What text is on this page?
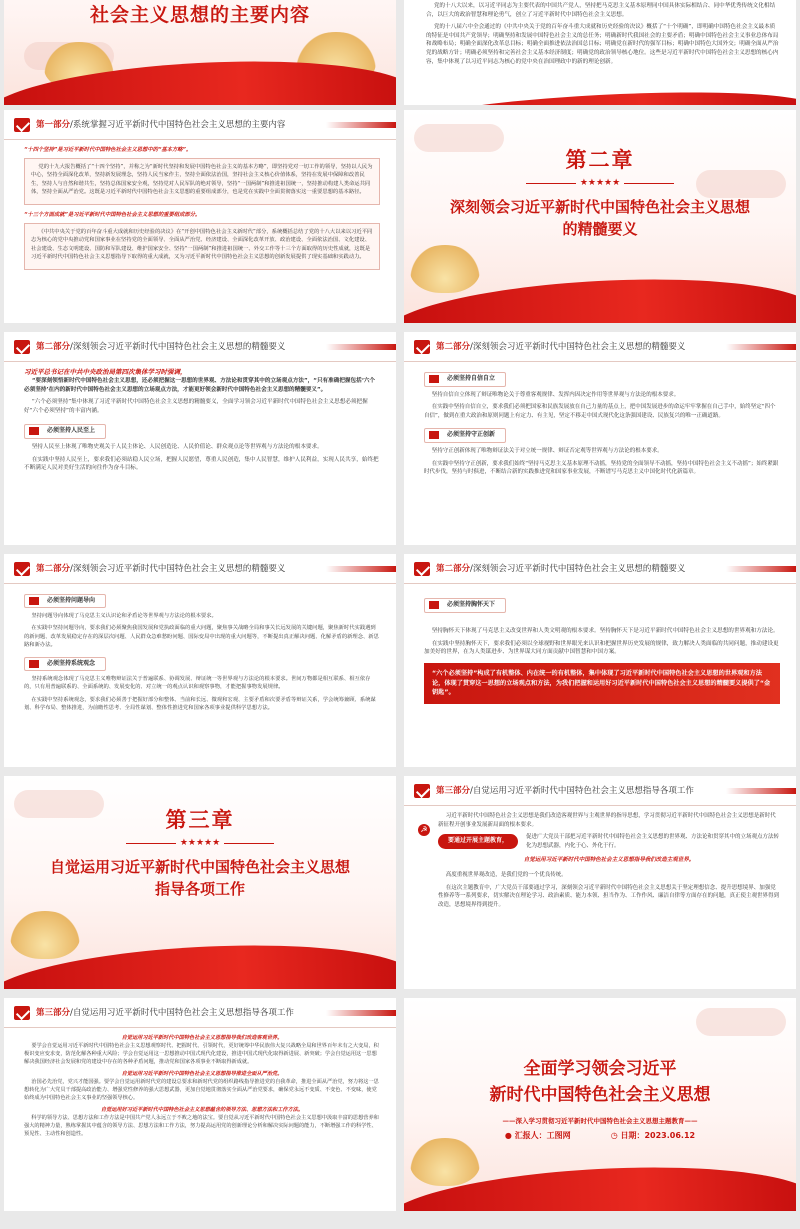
社会主义思想的主要内容	党的十八大以来，以习近平同志为主要代表的中国共产党人，坚持把马克思主义基本原理同中国具体实际相结合、同中华优秀传统文化相结合，以巨大的政治智慧和理论勇气，创立了习近平新时代中国特色社会主义思想。

党的十八届六中全会通过的《中共中央关于党的百年奋斗重大成就和历史经验的决议》概括了“十个明确”，即明确中国特色社会主义最本质的特征是中国共产党领导；明确坚持和发展中国特色社会主义的总任务；明确新时代我国社会的主要矛盾；明确中国特色社会主义事业总体布局和战略布局；明确全面深化改革总目标；明确全面推进依法治国总目标；明确党在新时代的强军目标；明确中国特色大国外交；明确全面从严治党的战略方针；明确必须坚持和完善社会主义基本经济制度；明确党的政治领导核心地位。这些是习近平新时代中国特色社会主义思想的核心内容，集中体现了以习近平同志为核心的党中央在治国理政中的新的理论创新。

第一部分/系统掌握习近平新时代中国特色社会主义思想的主要内容
“十四个坚持”是习近平新时代中国特色社会主义思想中的“基本方略”。

党的十九大报告概括了“十四个坚持”，并称之为“新时代坚持和发展中国特色社会主义的基本方略”，即坚持党对一切工作的领导，坚持以人民为中心，坚持全面深化改革，坚持新发展理念，坚持人民当家作主，坚持全面依法治国，坚持社会主义核心价值体系，坚持在发展中保障和改善民生，坚持人与自然和谐共生，坚持总体国家安全观，坚持党对人民军队的绝对领导，坚持“一国两制”和推进祖国统一，坚持推动构建人类命运共同体，坚持全面从严治党。这既是习近平新时代中国特色社会主义思想的重要组成部分，也是党在实践中全面贯彻落实这一重要思想的基本路径。

“十三个方面成就”是习近平新时代中国特色社会主义思想的重要组成部分。

《中共中央关于党的百年奋斗重大成就和历史经验的决议》在“开创中国特色社会主义新时代”部分，系统概括总结了党的十八大以来以习近平同志为核心的党中央推动党和国家事业在坚持党的全面领导、全面从严治党、经济建设、全面深化改革开放、政治建设、全面依法治国、文化建设、社会建设、生态文明建设、国防和军队建设、维护国家安全、坚持“一国两制”和推进祖国统一、外交工作等十三个方面取得的历史性成就，这既是习近平新时代中国特色社会主义思想指导下取得的重大成就，又为习近平新时代中国特色社会主义思想的创新发展提供了现实基础和实践动力。

第二章
★★★★★
深刻领会习近平新时代中国特色社会主义思想的精髓要义
第二部分/深刻领会习近平新时代中国特色社会主义思想的精髓要义
习近平总书记在中共中央政治局第四次集体学习时强调，

“要深刻领悟新时代中国特色社会主义思想，还必须把握这一思想的世界观、方法论和贯穿其中的立场观点方法”，“只有准确把握包括‘六个必须坚持’在内的新时代中国特色社会主义思想的立场观点方法，才能更好领会新时代中国特色社会主义思想的精髓要义”。

“六个必须坚持”集中体现了习近平新时代中国特色社会主义思想的精髓要义，全面学习领会习近平新时代中国特色社会主义思想必须把握好“六个必须坚持”的丰富内涵。

必须坚持人民至上

坚持人民至上体现了唯物史观关于人民主体论、人民创造论、人民价值论、群众观点论等世界观与方法论的根本要求。

在实践中坚持人民至上，要求我们必须站稳人民立场，把握人民愿望，尊重人民创造，集中人民智慧，维护人民利益，实现人民共享，始终把不断满足人民对美好生活的向往作为奋斗目标。

第二部分/深刻领会习近平新时代中国特色社会主义思想的精髓要义
必须坚持自信自立

坚持自信自立体现了辩证唯物论关于尊重客观规律、发挥内因决定作用等世界观与方法论的根本要求。

在实践中坚持自信自立，要求我们必须把国家和民族发展放在自己力量的基点上，把中国发展进步的命运牢牢掌握在自己手中，始终坚定“四个自信”，做到在重大政治和原则问题上有定力、有主见，坚定不移走中国式现代化这条强国建设、民族复兴的唯一正确道路。

必须坚持守正创新

坚持守正创新体现了唯物辩证法关于对立统一规律、辩证否定观等世界观与方法论的根本要求。

在实践中坚持守正创新，要求我们始终“坚持马克思主义基本原理不动摇，坚持党的全面领导不动摇，坚持中国特色社会主义不动摇”；始终紧跟时代步伐，坚持与时俱进，不断结合新的实践推进党和国家事业发展，不断谱写马克思主义中国化时代化新篇章。

第二部分/深刻领会习近平新时代中国特色社会主义思想的精髓要义
必须坚持问题导向

坚持问题导向体现了马克思主义认识论和矛盾论等世界观与方法论的根本要求。

在实践中坚持问题导向，要求我们必须聚焦我国发展和党执政面临的重大问题，聚焦事关战略全局和事关长远发展的关键问题，聚焦新时代实践遇到的新问题、改革发展稳定存在的深层次问题、人民群众急难愁盼问题、国际变局中出现的重大问题等，不断提出真正解决问题、化解矛盾的新理念、新思路和新办法。

必须坚持系统观念

坚持系统观念体现了马克思主义唯物辩证法关于普遍联系、协调发展、辩证统一等世界观与方法论的根本要求。世间万物都是相互联系、相互依存的，只有用普遍联系的、全面系统的、发展变化的、对立统一的观点认识和观察事物，才能把握事物发展规律。

在实践中坚持系统观念，要求我们必须善于把握好部分和整体、当前和长远、微观和宏观、主要矛盾和次要矛盾等辩证关系，学会统筹兼顾、系统谋划、科学布局、整体推进，为前瞻性思考、全局性谋划、整体性推进党和国家各项事业提供科学思想方法。

第二部分/深刻领会习近平新时代中国特色社会主义思想的精髓要义
必须坚持胸怀天下

坚持胸怀天下体现了马克思主义改变世界和人类文明观的根本要求。坚持胸怀天下是习近平新时代中国特色社会主义思想的世界观和方法论。

在实践中坚持胸怀天下，要求我们必须以全球视野和世界眼光来认识和把握世界历史发展的规律，致力解决人类面临的共同问题，推动建设更加美好的世界，在为人类谋进步、为世界谋大同方面贡献中国智慧和中国方案。

“六个必须坚持”构成了有机整体、内在统一的有机整体，集中体现了习近平新时代中国特色社会主义思想的世界观和方法论，体现了贯穿这一思想的立场观点和方法，为我们把握和运用好习近平新时代中国特色社会主义思想的精髓要义提供了“金钥匙”。
第三章
★★★★★
自觉运用习近平新时代中国特色社会主义思想指导各项工作
第三部分/自觉运用习近平新时代中国特色社会主义思想指导各项工作
☭

习近平新时代中国特色社会主义思想是我们改造客观世界与主观世界的指导思想，学习贯彻习近平新时代中国特色社会主义思想是新时代新征程开创事业发展新局面的根本要求。

要通过开展主题教育，
促进广大党员干部把习近平新时代中国特色社会主义思想的世界观、方法论和贯穿其中的立场观点方法转化为思想武器，内化于心、外化于行。
自觉运用习近平新时代中国特色社会主义思想指导我们改造主观世界。

高度重视世界观改造，是我们党的一个优良传统。

在这次主题教育中，广大党员干部要通过学习，深刻领会习近平新时代中国特色社会主义思想关于坚定理想信念、提升思想境界、加强党性修养等一系列要求，切实解决在理论学习、政治素质、能力本领、担当作为、工作作风、廉洁自律等方面存在的问题，真正使主观世界得到改造，思想境界得到提升。

第三部分/自觉运用习近平新时代中国特色社会主义思想指导各项工作
自觉运用习近平新时代中国特色社会主义思想指导我们改造客观世界。

要学会自觉运用习近平新时代中国特色社会主义思想观察时代、把握时代、引领时代，更好统筹中华民族伟大复兴战略全局和世界百年未有之大变局，积极识变应变求变，防范化解各种重大风险；学会自觉运用这一思想推动中国式现代化建设，推进中国式现代化取得新进展、新突破；学会自觉运用这一思想解决我国经济社会发展和党的建设中存在的各种矛盾问题，推动党和国家各项事业不断取得新成就。

自觉运用习近平新时代中国特色社会主义思想指导推进全面从严治党。

治国必先治党，党兴才能国强。要学会自觉运用新时代党的建设总要求和新时代党的组织路线指导推进党的自我革命，推进全面从严治党，努力将这一思想转化为广大党员干部提高政治能力、增强党性修养的强大思想武器，更加自觉地贯彻落实全面从严治党要求，确保党永远不变质、不变色、不变味，使党始终成为中国特色社会主义事业的坚强领导核心。

自觉运用好习近平新时代中国特色社会主义思想蕴含的领导方法、思想方法和工作方法。

科学的领导方法、思想方法和工作方法是中国共产党人永远立于不败之地的法宝。要自觉从习近平新时代中国特色社会主义思想中汲取丰富的思想营养和强大的精神力量，熟练掌握其中蕴含的领导方法、思想方法和工作方法，努力提高运用党的创新理论分析和解决实际问题的能力，不断增强工作的科学性、预见性、主动性和创造性。

全面学习领会习近平
新时代中国特色社会主义思想
——深入学习贯彻习近平新时代中国特色社会主义思想主题教育——
● 汇报人：工图网	◷ 日期：2023.06.12
